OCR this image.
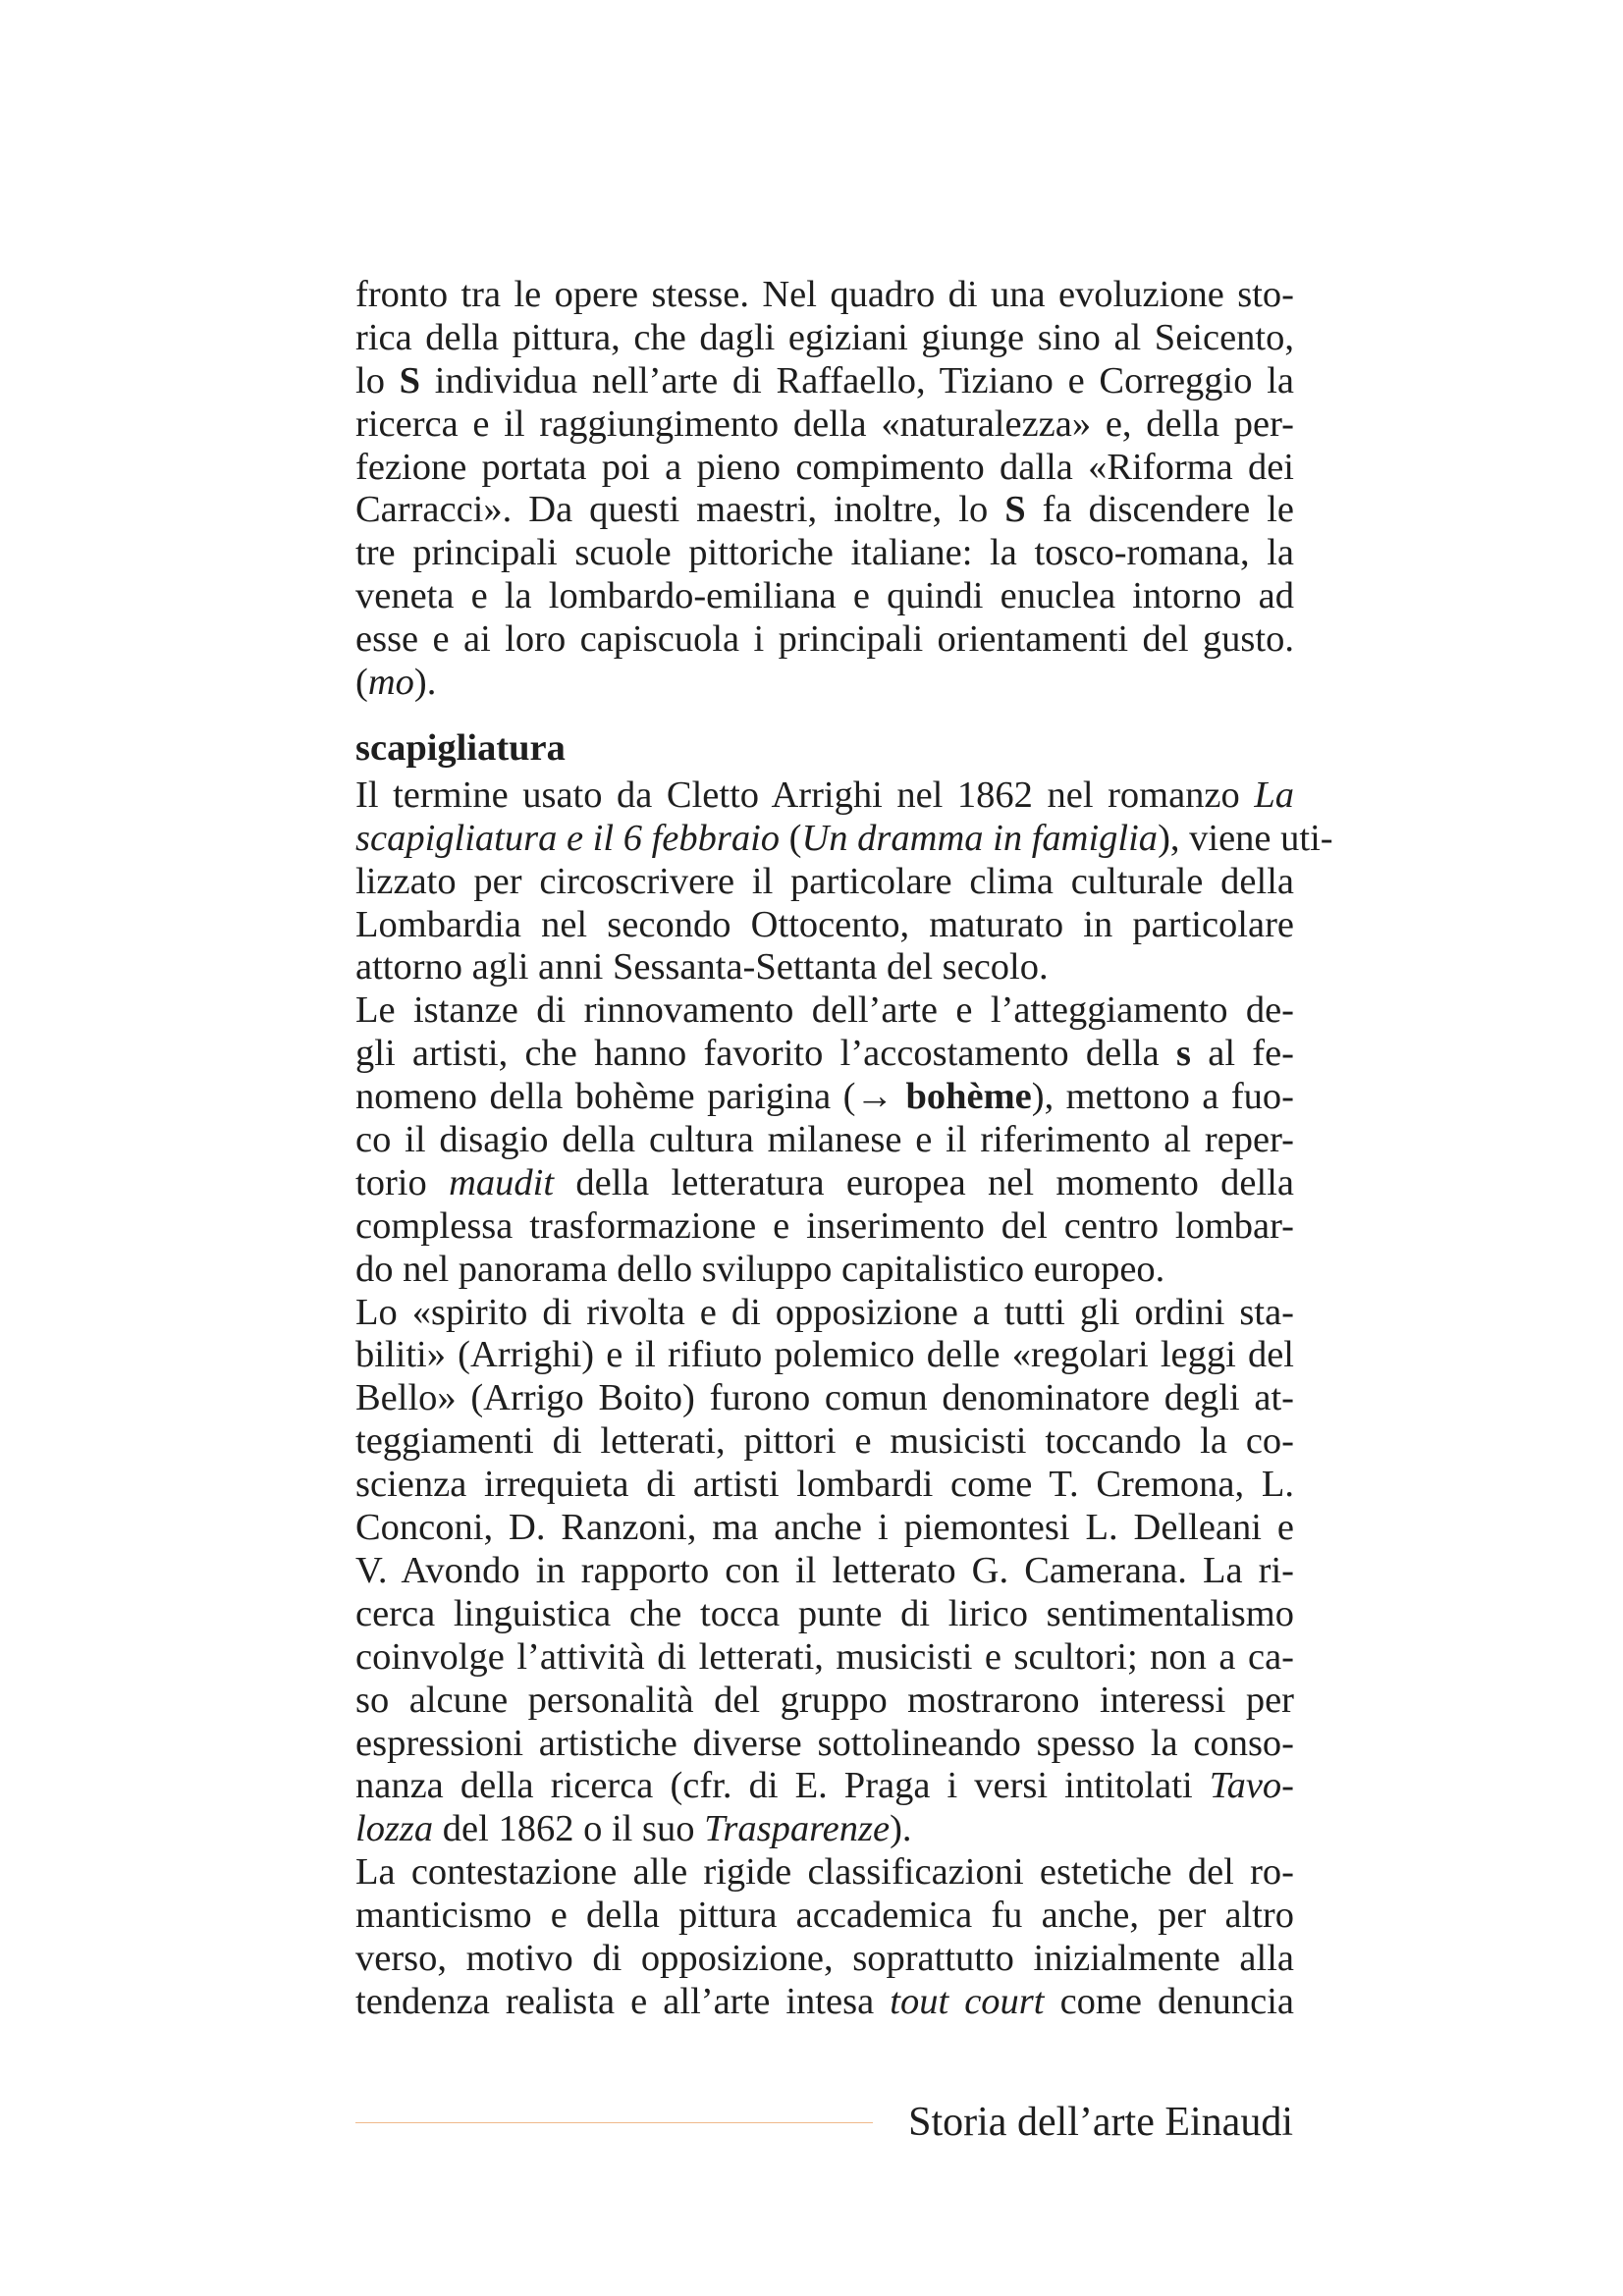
fronto tra le opere stesse. Nel quadro di una evoluzione sto-
rica della pittura, che dagli egiziani giunge sino al Seicento,
lo S individua nell’arte di Raffaello, Tiziano e Correggio la
ricerca e il raggiungimento della «naturalezza» e, della per-
fezione portata poi a pieno compimento dalla «Riforma dei
Carracci». Da questi maestri, inoltre, lo S fa discendere le
tre principali scuole pittoriche italiane: la tosco-romana, la
veneta e la lombardo-emiliana e quindi enuclea intorno ad
esse e ai loro capiscuola i principali orientamenti del gusto.
(mo).
scapigliatura
Il termine usato da Cletto Arrighi nel 1862 nel romanzo La
scapigliatura e il 6 febbraio (Un dramma in famiglia), viene uti-
lizzato per circoscrivere il particolare clima culturale della
Lombardia nel secondo Ottocento, maturato in particolare
attorno agli anni Sessanta-Settanta del secolo.
Le istanze di rinnovamento dell’arte e l’atteggiamento de-
gli artisti, che hanno favorito l’accostamento della s al fe-
nomeno della bohème parigina (→ bohème), mettono a fuo-
co il disagio della cultura milanese e il riferimento al reper-
torio maudit della letteratura europea nel momento della
complessa trasformazione e inserimento del centro lombar-
do nel panorama dello sviluppo capitalistico europeo.
Lo «spirito di rivolta e di opposizione a tutti gli ordini sta-
biliti» (Arrighi) e il rifiuto polemico delle «regolari leggi del
Bello» (Arrigo Boito) furono comun denominatore degli at-
teggiamenti di letterati, pittori e musicisti toccando la co-
scienza irrequieta di artisti lombardi come T. Cremona, L.
Conconi, D. Ranzoni, ma anche i piemontesi L. Delleani e
V. Avondo in rapporto con il letterato G. Camerana. La ri-
cerca linguistica che tocca punte di lirico sentimentalismo
coinvolge l’attività di letterati, musicisti e scultori; non a ca-
so alcune personalità del gruppo mostrarono interessi per
espressioni artistiche diverse sottolineando spesso la conso-
nanza della ricerca (cfr. di E. Praga i versi intitolati Tavo-
lozza del 1862 o il suo Trasparenze).
La contestazione alle rigide classificazioni estetiche del ro-
manticismo e della pittura accademica fu anche, per altro
verso, motivo di opposizione, soprattutto inizialmente alla
tendenza realista e all’arte intesa tout court come denuncia
Storia dell’arte Einaudi
